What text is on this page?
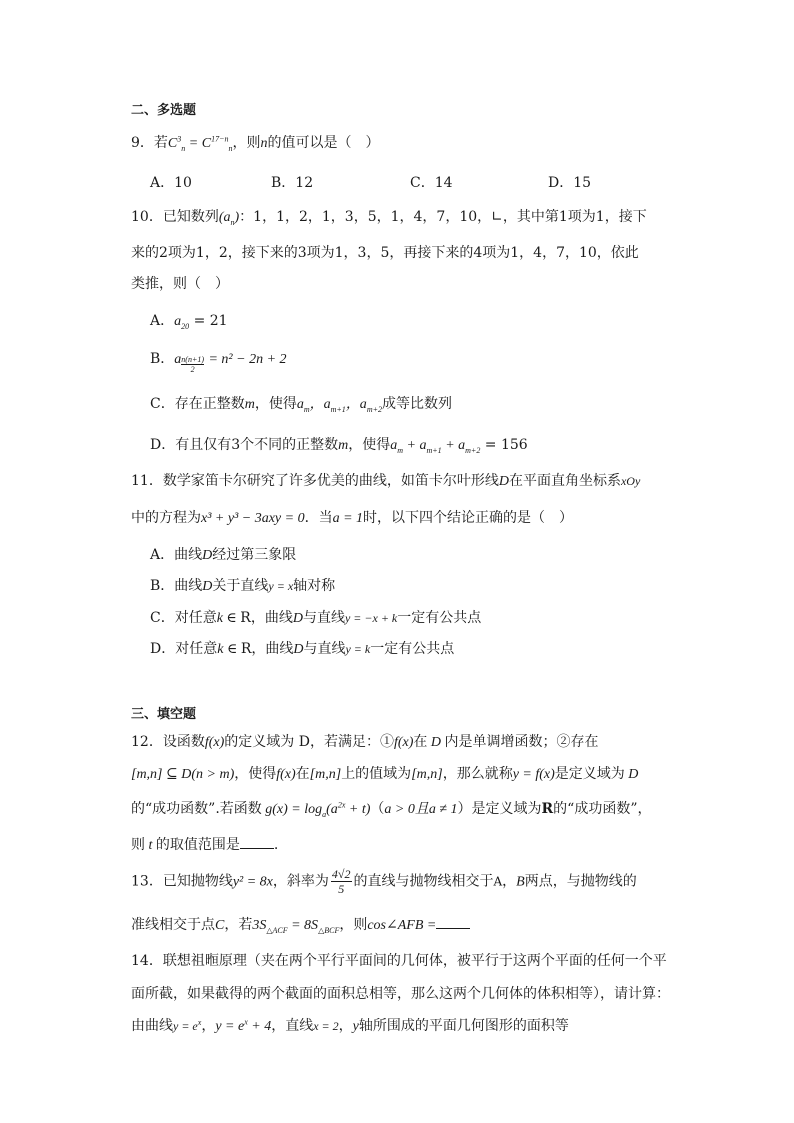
二、多选题
9．若$C^3_n = C^{17-n}_n$，则n的值可以是（　）
A．10	B．12	C．14	D．15
10．已知数列$(a_n)$：1，1，2，1，3，5，1，4，7，10，∟，其中第1项为1，接下
来的2项为1，2，接下来的3项为1，3，5，再接下来的4项为1，4，7，10，依此
类推，则（　）
A．$a_{20} = 21$
B．a $_{\frac{n(n+1)}{2}}$ = n² − 2n + 2
C．存在正整数m，使得$a_m$，$a_{m+1}$，$a_{m+2}$成等比数列
D．有且仅有3个不同的正整数m，使得$a_m + a_{m+1} + a_{m+2} = 156$
11．数学家笛卡尔研究了许多优美的曲线，如笛卡尔叶形线D在平面直角坐标系xOy
中的方程为x³ + y³ − 3axy = 0．当a = 1时，以下四个结论正确的是（　）
A．曲线D经过第三象限
B．曲线D关于直线y = x轴对称
C．对任意k ∈ R，曲线D与直线y = −x + k一定有公共点
D．对任意k ∈ R，曲线D与直线y = k一定有公共点
三、填空题
12．设函数f(x)的定义域为 D，若满足：①f(x)在 D 内是单调增函数；②存在
[m,n] ⊆ D(n > m)，使得f(x)在[m,n]上的值域为[m,n]，那么就称y = f(x)是定义域为 D
的“成功函数”.若函数 $g(x) = \log_a(a^{2x} + t)(a > 0$且a ≠ 1）是定义域为R的“成功函数”，
则 t 的取值范围是 .
13．已知抛物线y² = 8x，斜率为 $\frac{4√2}{5}$ 的直线与抛物线相交于A，B两点，与抛物线的
准线相交于点C，若$3S_{\triangle ACF} = 8S_{\triangle BCF}$，则cos∠AFB =
14．联想祖暅原理（夹在两个平行平面间的几何体，被平行于这两个平面的任何一个平
面所截，如果截得的两个截面的面积总相等，那么这两个几何体的体积相等），请计算：
由曲线$y = e^x$，$y = e^x + 4$，直线x = 2，y轴所围成的平面几何图形的面积等
